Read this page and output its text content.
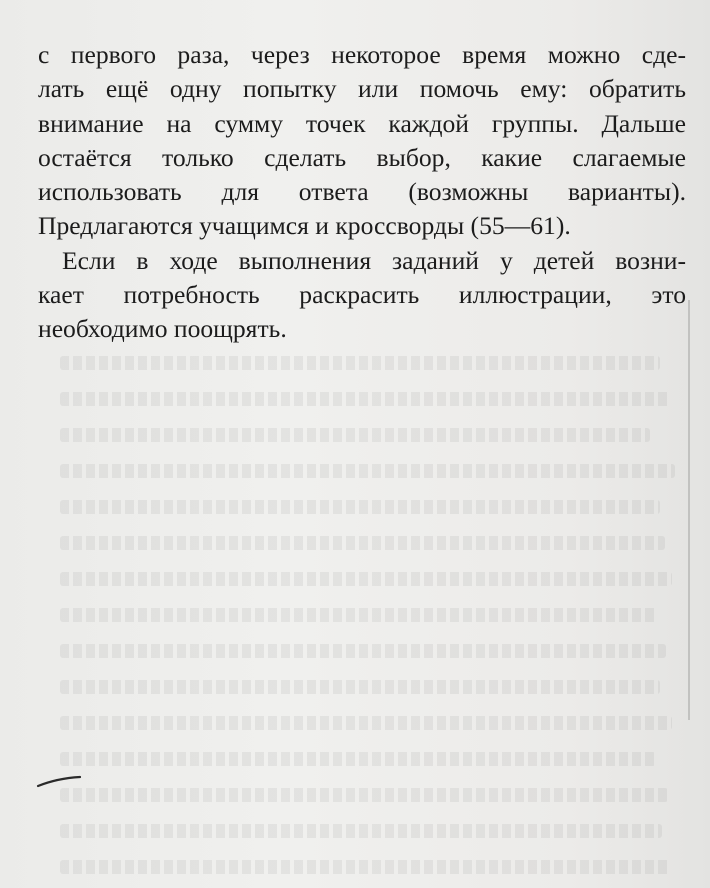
с первого раза, через некоторое время можно сде-
лать ещё одну попытку или помочь ему: обратить
внимание на сумму точек каждой группы. Дальше
остаётся только сделать выбор, какие слагаемые
использовать для ответа (возможны варианты).
Предлагаются учащимся и кроссворды (55—61).
Если в ходе выполнения заданий у детей возни-
кает потребность раскрасить иллюстрации, это
необходимо поощрять.
